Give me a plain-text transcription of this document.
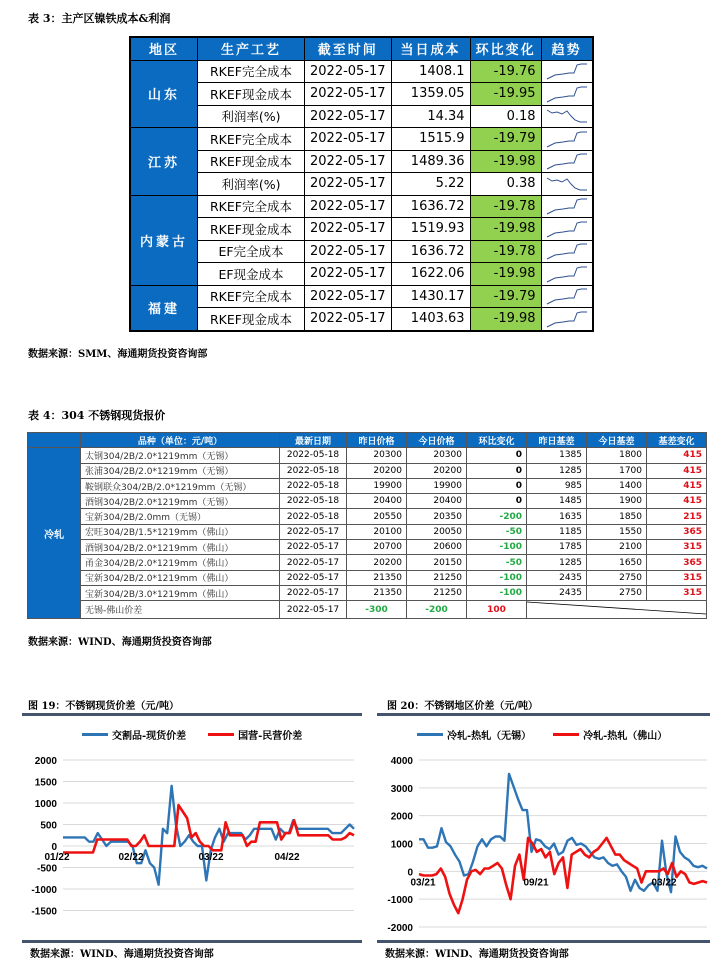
表 3：主产区镍铁成本&利润
地区	生产工艺	截至时间	当日成本	环比变化	趋势
山东	RKEF完全成本	2022-05-17	1408.1	-19.76	

	RKEF现金成本	2022-05-17	1359.05	-19.95	

	利润率(%)	2022-05-17	14.34	0.18	

江苏	RKEF完全成本	2022-05-17	1515.9	-19.79	

	RKEF现金成本	2022-05-17	1489.36	-19.98	

	利润率(%)	2022-05-17	5.22	0.38	

内蒙古	RKEF完全成本	2022-05-17	1636.72	-19.78	

	RKEF现金成本	2022-05-17	1519.93	-19.98	

	EF完全成本	2022-05-17	1636.72	-19.78	

	EF现金成本	2022-05-17	1622.06	-19.98	

福建	RKEF完全成本	2022-05-17	1430.17	-19.79	

	RKEF现金成本	2022-05-17	1403.63	-19.98	
数据来源：SMM、海通期货投资咨询部
表 4：304 不锈钢现货报价
	品种（单位：元/吨）	最新日期	昨日价格	今日价格	环比变化	昨日基差	今日基差	基差变化
冷轧	太钢304/2B/2.0*1219mm（无锡）	2022-05-18	20300	20300	0	1385	1800	415
	张浦304/2B/2.0*1219mm（无锡）	2022-05-18	20200	20200	0	1285	1700	415
	鞍钢联众304/2B/2.0*1219mm（无锡）	2022-05-18	19900	19900	0	985	1400	415
	酒钢304/2B/2.0*1219mm（无锡）	2022-05-18	20400	20400	0	1485	1900	415
	宝新304/2B/2.0mm（无锡）	2022-05-18	20550	20350	-200	1635	1850	215
	宏旺304/2B/1.5*1219mm（佛山）	2022-05-17	20100	20050	-50	1185	1550	365
	酒钢304/2B/2.0*1219mm（佛山）	2022-05-17	20700	20600	-100	1785	2100	315
	甬金304/2B/2.0*1219mm（佛山）	2022-05-17	20200	20150	-50	1285	1650	365
	宝新304/2B/2.0*1219mm（佛山）	2022-05-17	21350	21250	-100	2435	2750	315
	宝新304/2B/3.0*1219mm（佛山）	2022-05-17	21350	21250	-100	2435	2750	315
	无锡-佛山价差	2022-05-17	-300	-200	100	
数据来源：WIND、海通期货投资咨询部
图 19：不锈钢现货价差（元/吨）
交割品-现货价差	国营-民营价差
2000
1500
1000
500
0
-500
-1000
-1500
01/22	02/22	03/22	04/22
数据来源：WIND、海通期货投资咨询部
图 20：不锈钢地区价差（元/吨）
冷轧-热轧（无锡）	冷轧-热轧（佛山）
4000
3000
2000
1000
0
-1000
-2000
03/21	09/21	03/22
数据来源：WIND、海通期货投资咨询部
